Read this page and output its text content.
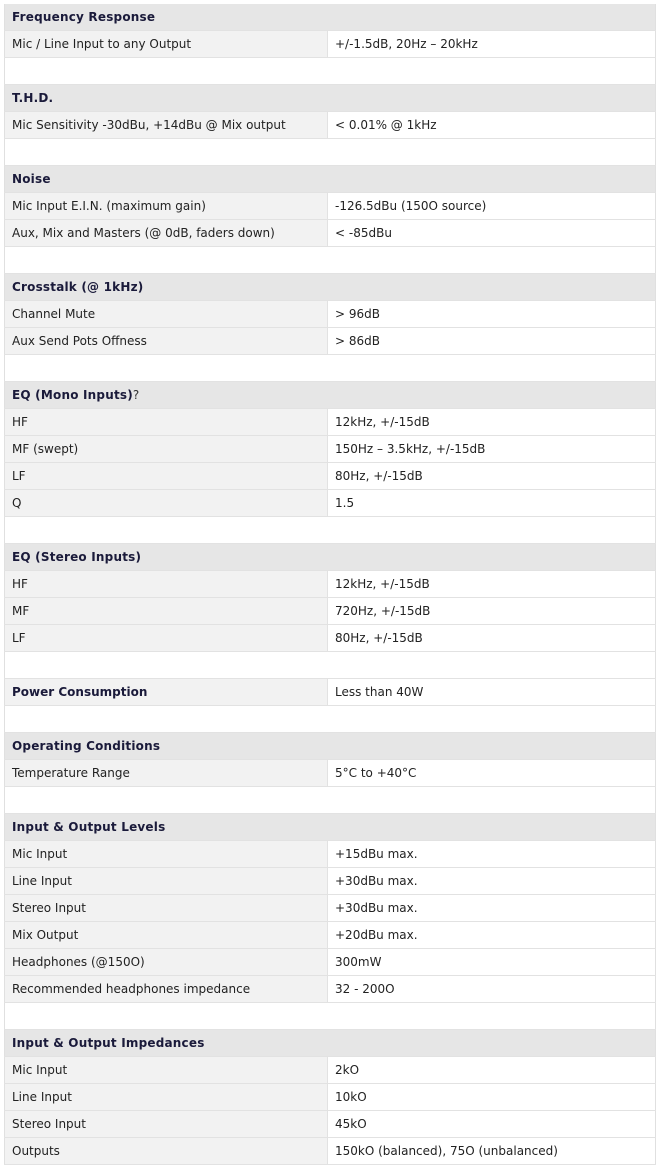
Frequency Response	
Mic / Line Input to any Output	+/-1.5dB, 20Hz – 20kHz

T.H.D.	
Mic Sensitivity -30dBu, +14dBu @ Mix output	< 0.01% @ 1kHz

Noise	
Mic Input E.I.N. (maximum gain)	-126.5dBu (150O source)
Aux, Mix and Masters (@ 0dB, faders down)	< -85dBu

Crosstalk (@ 1kHz)	
Channel Mute	> 96dB
Aux Send Pots Offness	> 86dB

EQ (Mono Inputs)?	
HF	12kHz, +/-15dB
MF (swept)	150Hz – 3.5kHz, +/-15dB
LF	80Hz, +/-15dB
Q	1.5

EQ (Stereo Inputs)	
HF	12kHz, +/-15dB
MF	720Hz, +/-15dB
LF	80Hz, +/-15dB

Power Consumption	Less than 40W

Operating Conditions	
Temperature Range	5°C to +40°C

Input & Output Levels	
Mic Input	+15dBu max.
Line Input	+30dBu max.
Stereo Input	+30dBu max.
Mix Output	+20dBu max.
Headphones (@150O)	300mW
Recommended headphones impedance	32 - 200O

Input & Output Impedances	
Mic Input	2kO
Line Input	10kO
Stereo Input	45kO
Outputs	150kO (balanced), 75O (unbalanced)
